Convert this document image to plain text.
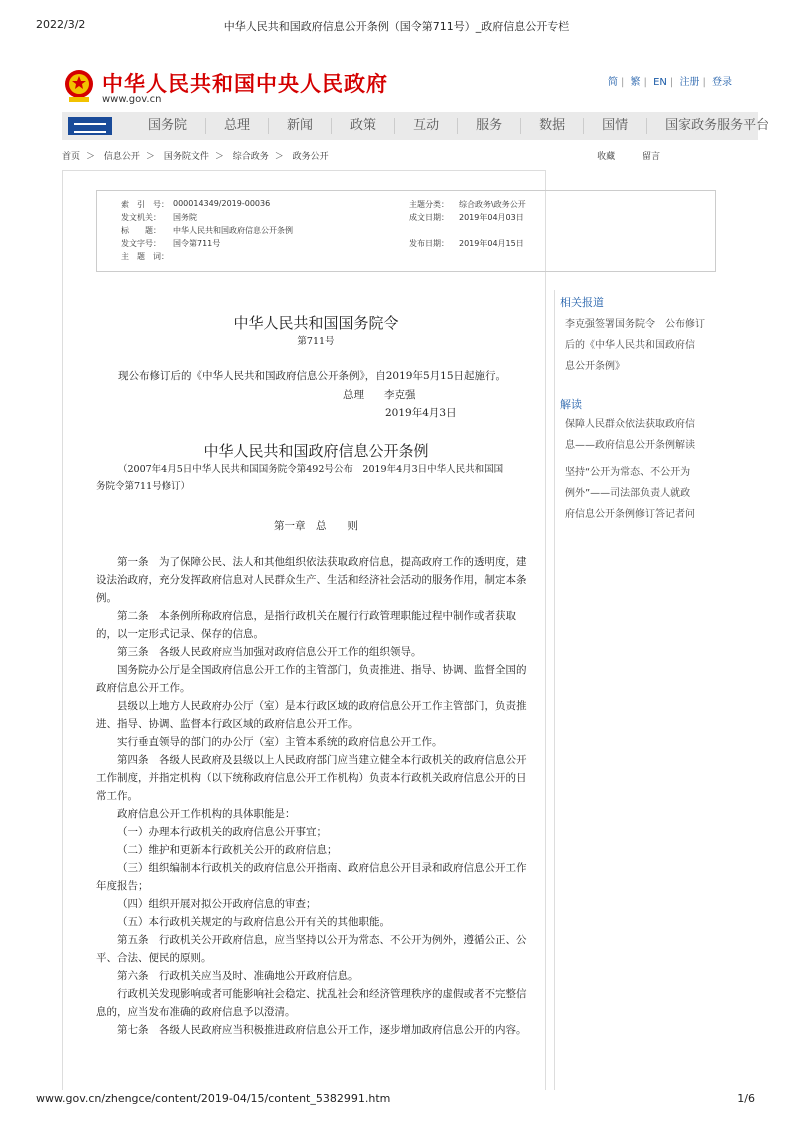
2022/3/2	中华人民共和国政府信息公开条例（国令第711号）_政府信息公开专栏
中华人民共和国中央人民政府
www.gov.cn
简 | 繁 | EN | 注册 | 登录
国务院	总理	新闻	政策	互动	服务	数据	国情	国家政务服务平台
首页 ＞ 信息公开 ＞ 国务院文件 ＞ 综合政务 ＞ 政务公开	收藏	留言
索　引　号： 000014349/2019-00036	主题分类：	综合政务\政务公开
发文机关：	国务院	成文日期：	2019年04月03日
标　　题：	中华人民共和国政府信息公开条例
发文字号：	国令第711号	发布日期：	2019年04月15日
主　题　词：
中华人民共和国国务院令
第711号
现公布修订后的《中华人民共和国政府信息公开条例》，自2019年5月15日起施行。
总理 李克强
2019年4月3日
中华人民共和国政府信息公开条例
（2007年4月5日中华人民共和国国务院令第492号公布　2019年4月3日中华人民共和国国
务院令第711号修订）
第一章　总　　则

第一条　为了保障公民、法人和其他组织依法获取政府信息，提高政府工作的透明度，建设法治政府，充分发挥政府信息对人民群众生产、生活和经济社会活动的服务作用，制定本条例。

第二条　本条例所称政府信息，是指行政机关在履行行政管理职能过程中制作或者获取的，以一定形式记录、保存的信息。

第三条　各级人民政府应当加强对政府信息公开工作的组织领导。

国务院办公厅是全国政府信息公开工作的主管部门，负责推进、指导、协调、监督全国的政府信息公开工作。

县级以上地方人民政府办公厅（室）是本行政区域的政府信息公开工作主管部门，负责推进、指导、协调、监督本行政区域的政府信息公开工作。

实行垂直领导的部门的办公厅（室）主管本系统的政府信息公开工作。

第四条　各级人民政府及县级以上人民政府部门应当建立健全本行政机关的政府信息公开工作制度，并指定机构（以下统称政府信息公开工作机构）负责本行政机关政府信息公开的日常工作。

政府信息公开工作机构的具体职能是：

（一）办理本行政机关的政府信息公开事宜；

（二）维护和更新本行政机关公开的政府信息；

（三）组织编制本行政机关的政府信息公开指南、政府信息公开目录和政府信息公开工作年度报告；

（四）组织开展对拟公开政府信息的审查；

（五）本行政机关规定的与政府信息公开有关的其他职能。

第五条　行政机关公开政府信息，应当坚持以公开为常态、不公开为例外，遵循公正、公平、合法、便民的原则。

第六条　行政机关应当及时、准确地公开政府信息。

行政机关发现影响或者可能影响社会稳定、扰乱社会和经济管理秩序的虚假或者不完整信息的，应当发布准确的政府信息予以澄清。

第七条　各级人民政府应当积极推进政府信息公开工作，逐步增加政府信息公开的内容。

相关报道
李克强签署国务院令　公布修订
后的《中华人民共和国政府信
息公开条例》
解读
保障人民群众依法获取政府信
息——政府信息公开条例解读
坚持“公开为常态、不公开为
例外”——司法部负责人就政
府信息公开条例修订答记者问
www.gov.cn/zhengce/content/2019-04/15/content_5382991.htm	1/6
